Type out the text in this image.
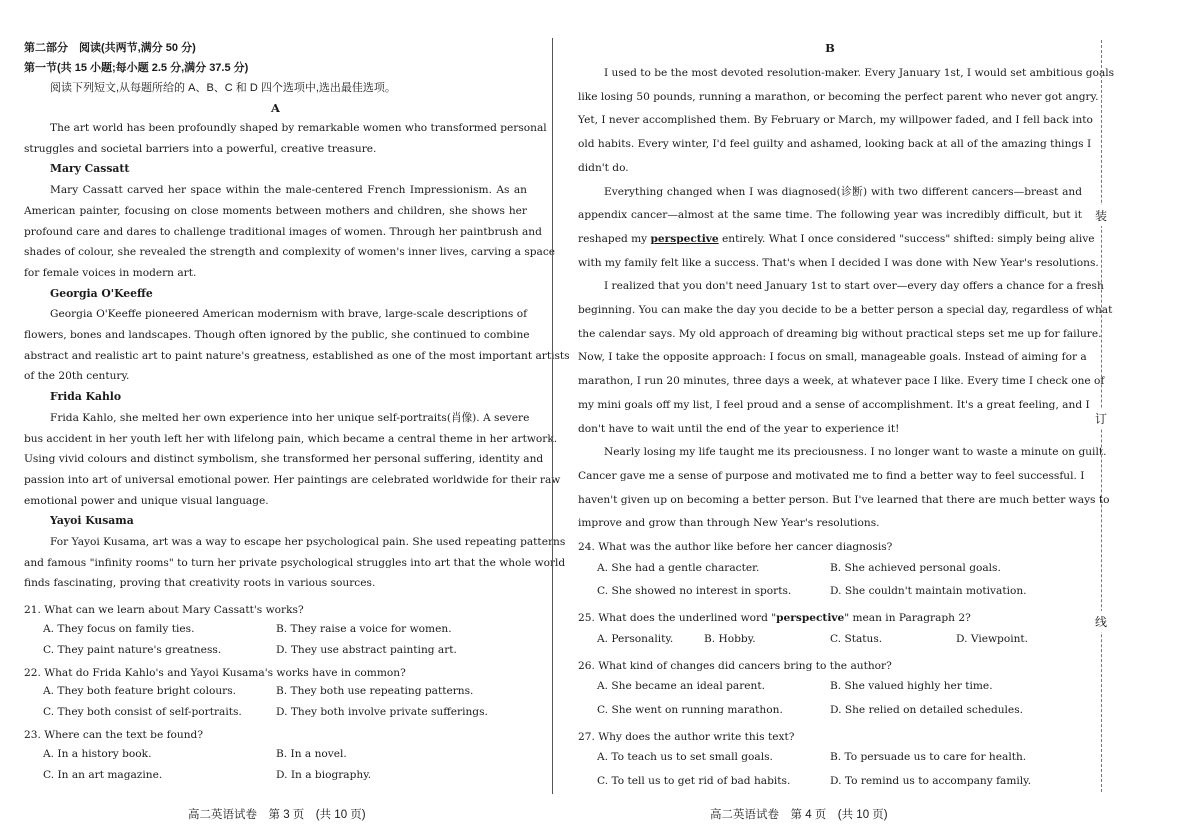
第二部分　阅读(共两节,满分 50 分)
第一节(共 15 小题;每小题 2.5 分,满分 37.5 分)
阅读下列短文,从每题所给的 A、B、C 和 D 四个选项中,选出最佳选项。
A
The art world has been profoundly shaped by remarkable women who transformed personal
struggles and societal barriers into a powerful, creative treasure.
Mary Cassatt
Mary Cassatt carved her space within the male-centered French Impressionism. As an
American painter, focusing on close moments between mothers and children, she shows her
profound care and dares to challenge traditional images of women. Through her paintbrush and
shades of colour, she revealed the strength and complexity of women's inner lives, carving a space
for female voices in modern art.
Georgia O'Keeffe
Georgia O'Keeffe pioneered American modernism with brave, large-scale descriptions of
flowers, bones and landscapes. Though often ignored by the public, she continued to combine
abstract and realistic art to paint nature's greatness, established as one of the most important artists
of the 20th century.
Frida Kahlo
Frida Kahlo, she melted her own experience into her unique self-portraits(肖像). A severe
bus accident in her youth left her with lifelong pain, which became a central theme in her artwork.
Using vivid colours and distinct symbolism, she transformed her personal suffering, identity and
passion into art of universal emotional power. Her paintings are celebrated worldwide for their raw
emotional power and unique visual language.
Yayoi Kusama
For Yayoi Kusama, art was a way to escape her psychological pain. She used repeating patterns
and famous "infinity rooms" to turn her private psychological struggles into art that the whole world
finds fascinating, proving that creativity roots in various sources.
21. What can we learn about Mary Cassatt's works?
A. They focus on family ties.	B. They raise a voice for women.
C. They paint nature's greatness.	D. They use abstract painting art.
22. What do Frida Kahlo's and Yayoi Kusama's works have in common?
A. They both feature bright colours.	B. They both use repeating patterns.
C. They both consist of self-portraits.	D. They both involve private sufferings.
23. Where can the text be found?
A. In a history book.	B. In a novel.
C. In an art magazine.	D. In a biography.
B
I used to be the most devoted resolution-maker. Every January 1st, I would set ambitious goals
like losing 50 pounds, running a marathon, or becoming the perfect parent who never got angry.
Yet, I never accomplished them. By February or March, my willpower faded, and I fell back into
old habits. Every winter, I'd feel guilty and ashamed, looking back at all of the amazing things I
didn't do.
Everything changed when I was diagnosed(诊断) with two different cancers—breast and
appendix cancer—almost at the same time. The following year was incredibly difficult, but it
reshaped my perspective entirely. What I once considered "success" shifted: simply being alive
with my family felt like a success. That's when I decided I was done with New Year's resolutions.
I realized that you don't need January 1st to start over—every day offers a chance for a fresh
beginning. You can make the day you decide to be a better person a special day, regardless of what
the calendar says. My old approach of dreaming big without practical steps set me up for failure.
Now, I take the opposite approach: I focus on small, manageable goals. Instead of aiming for a
marathon, I run 20 minutes, three days a week, at whatever pace I like. Every time I check one of
my mini goals off my list, I feel proud and a sense of accomplishment. It's a great feeling, and I
don't have to wait until the end of the year to experience it!
Nearly losing my life taught me its preciousness. I no longer want to waste a minute on guilt.
Cancer gave me a sense of purpose and motivated me to find a better way to feel successful. I
haven't given up on becoming a better person. But I've learned that there are much better ways to
improve and grow than through New Year's resolutions.
24. What was the author like before her cancer diagnosis?
A. She had a gentle character.	B. She achieved personal goals.
C. She showed no interest in sports.	D. She couldn't maintain motivation.
25. What does the underlined word "perspective" mean in Paragraph 2?
A. Personality.	B. Hobby.	C. Status.	D. Viewpoint.
26. What kind of changes did cancers bring to the author?
A. She became an ideal parent.	B. She valued highly her time.
C. She went on running marathon.	D. She relied on detailed schedules.
27. Why does the author write this text?
A. To teach us to set small goals.	B. To persuade us to care for health.
C. To tell us to get rid of bad habits.	D. To remind us to accompany family.
装
订
线
高二英语试卷　第 3 页　(共 10 页)	高二英语试卷　第 4 页　(共 10 页)
